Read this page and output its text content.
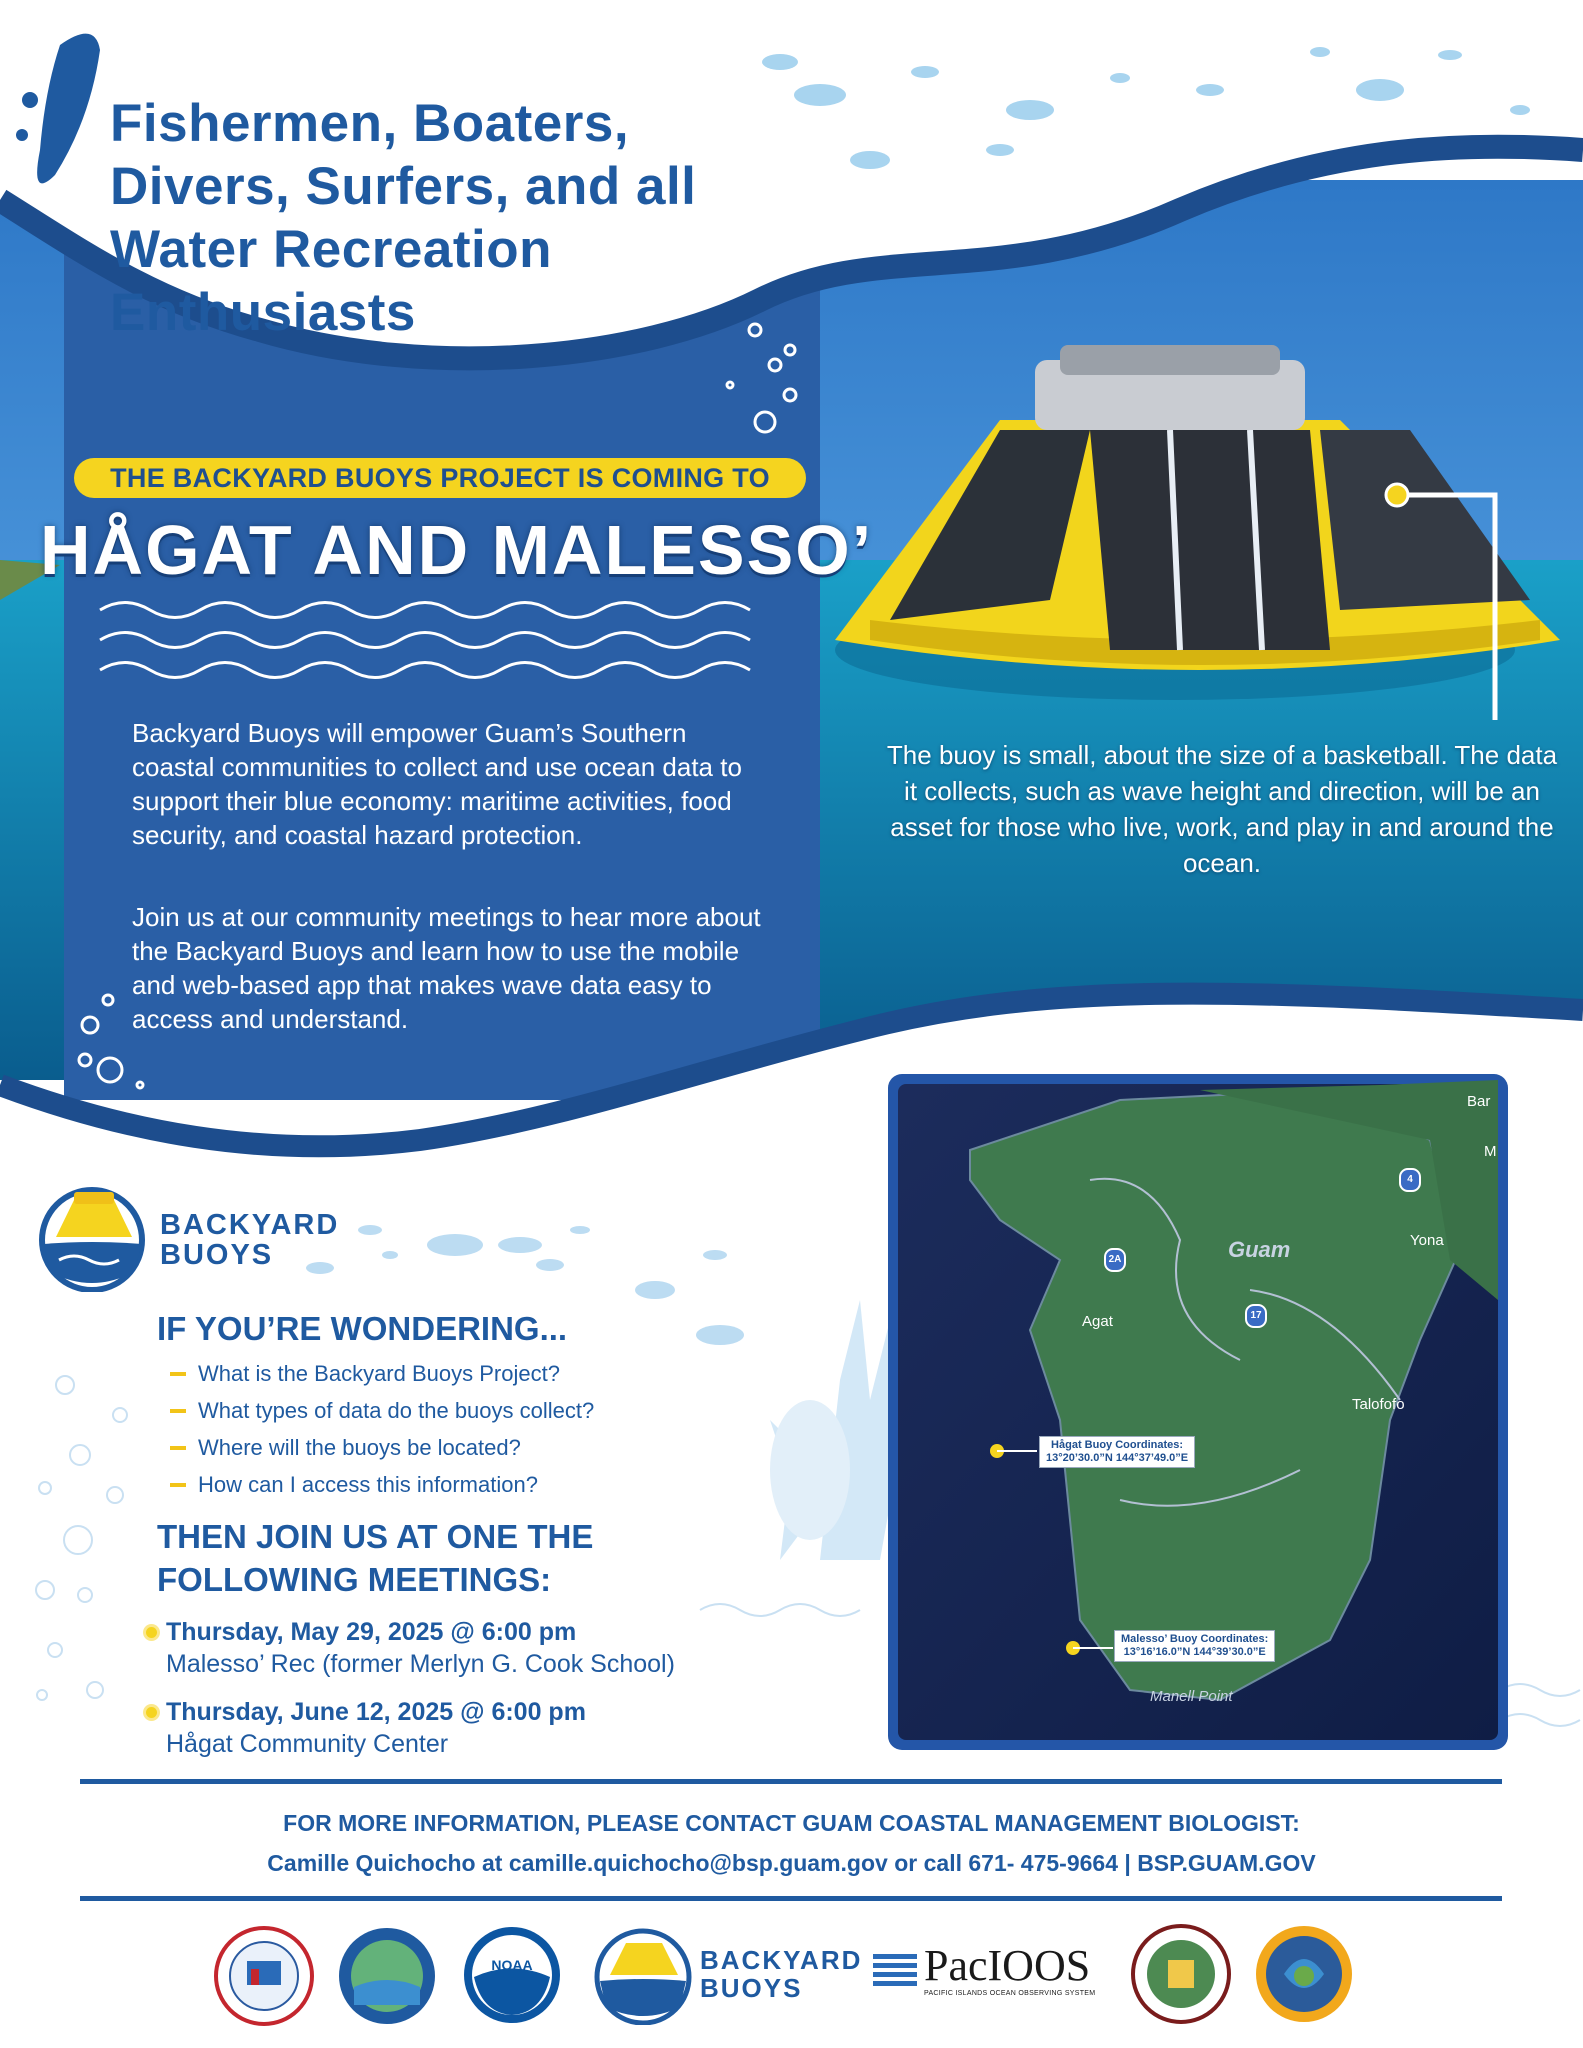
Fishermen, Boaters,
Divers, Surfers, and all
Water Recreation
Enthusiasts
THE BACKYARD BUOYS PROJECT IS COMING TO
HÅGAT AND MALESSO’
Backyard Buoys will empower Guam’s Southern coastal communities to collect and use ocean data to support their blue economy: maritime activities, food security, and coastal hazard protection.
Join us at our community meetings to hear more about the Backyard Buoys and learn how to use the mobile and web-based app that makes wave data easy to access and understand.
The buoy is small, about the size of a basketball. The data it collects, such as wave height and direction, will be an asset for those who live, work, and play in and around the ocean.
BACKYARD
BUOYS
IF YOU’RE WONDERING...
What is the Backyard Buoys Project?
What types of data do the buoys collect?
Where will the buoys be located?
How can I access this information?
THEN JOIN US AT ONE THE
FOLLOWING MEETINGS:
Thursday, May 29, 2025 @ 6:00 pm
Malesso’ Rec (former Merlyn G. Cook School)
Thursday, June 12, 2025 @ 6:00 pm
Hågat Community Center
Guam
Bar
M
Yona
Agat
Talofofo
Manell Point
4
2A
17
Hågat Buoy Coordinates:
13°20’30.0”N 144°37’49.0”E
Malesso’ Buoy Coordinates:
13°16’16.0”N 144°39’30.0”E
FOR MORE INFORMATION, PLEASE CONTACT GUAM COASTAL MANAGEMENT BIOLOGIST:
Camille Quichocho at camille.quichocho@bsp.guam.gov or call 671- 475-9664 | BSP.GUAM.GOV
NOAA	BACKYARD
BUOYS	PacIOOS
PACIFIC ISLANDS OCEAN OBSERVING SYSTEM
